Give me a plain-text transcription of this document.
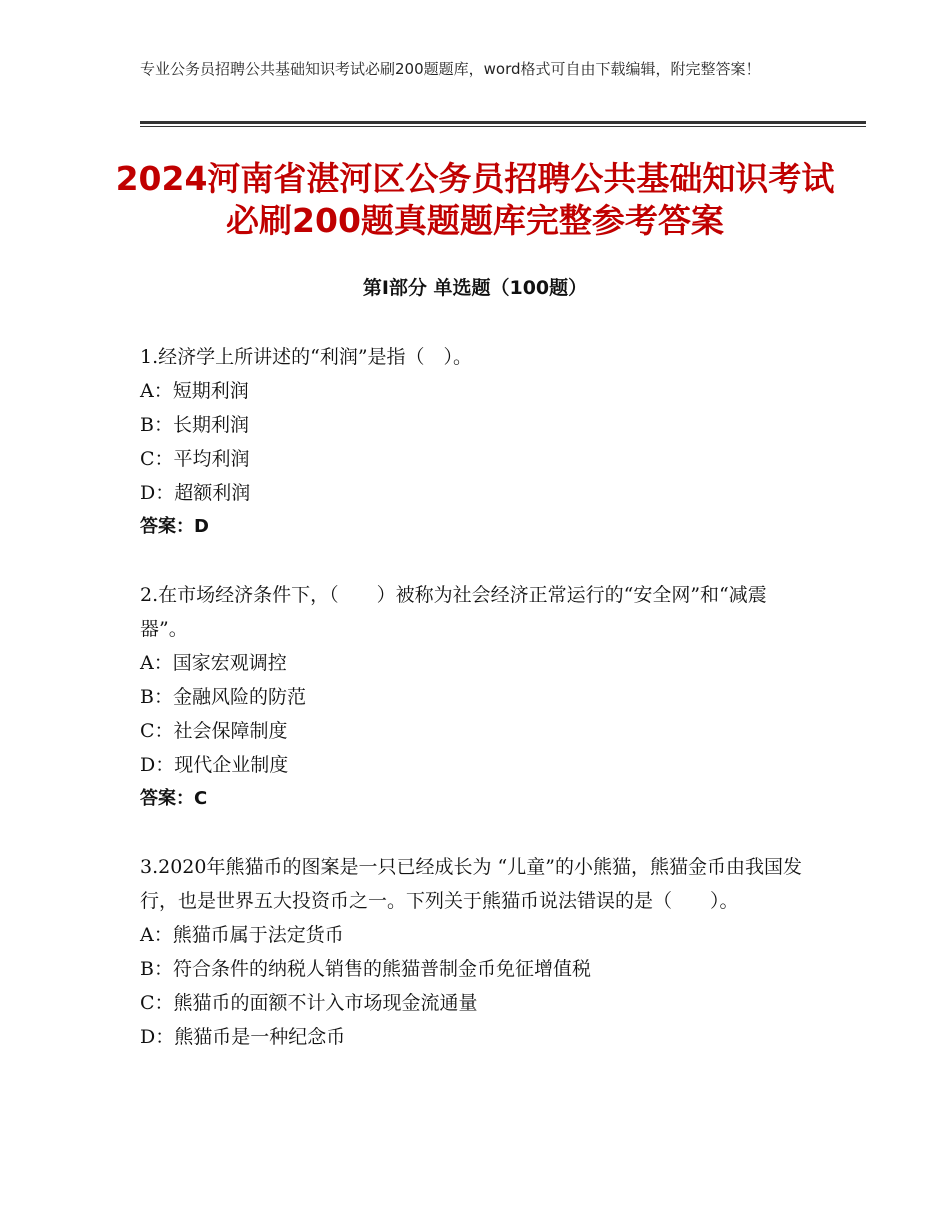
专业公务员招聘公共基础知识考试必刷200题题库，word格式可自由下载编辑，附完整答案！
2024河南省湛河区公务员招聘公共基础知识考试必刷200题真题题库完整参考答案
第Ⅰ部分 单选题（100题）

1.经济学上所讲述的“利润”是指（　）。

A：短期利润

B：长期利润

C：平均利润

D：超额利润

答案：D

2.在市场经济条件下，（　　）被称为社会经济正常运行的“安全网”和“减震器”。

A：国家宏观调控

B：金融风险的防范

C：社会保障制度

D：现代企业制度

答案：C

3.2020年熊猫币的图案是一只已经成长为 “儿童”的小熊猫，熊猫金币由我国发行，也是世界五大投资币之一。下列关于熊猫币说法错误的是（　　）。

A：熊猫币属于法定货币

B：符合条件的纳税人销售的熊猫普制金币免征增值税

C：熊猫币的面额不计入市场现金流通量

D：熊猫币是一种纪念币
